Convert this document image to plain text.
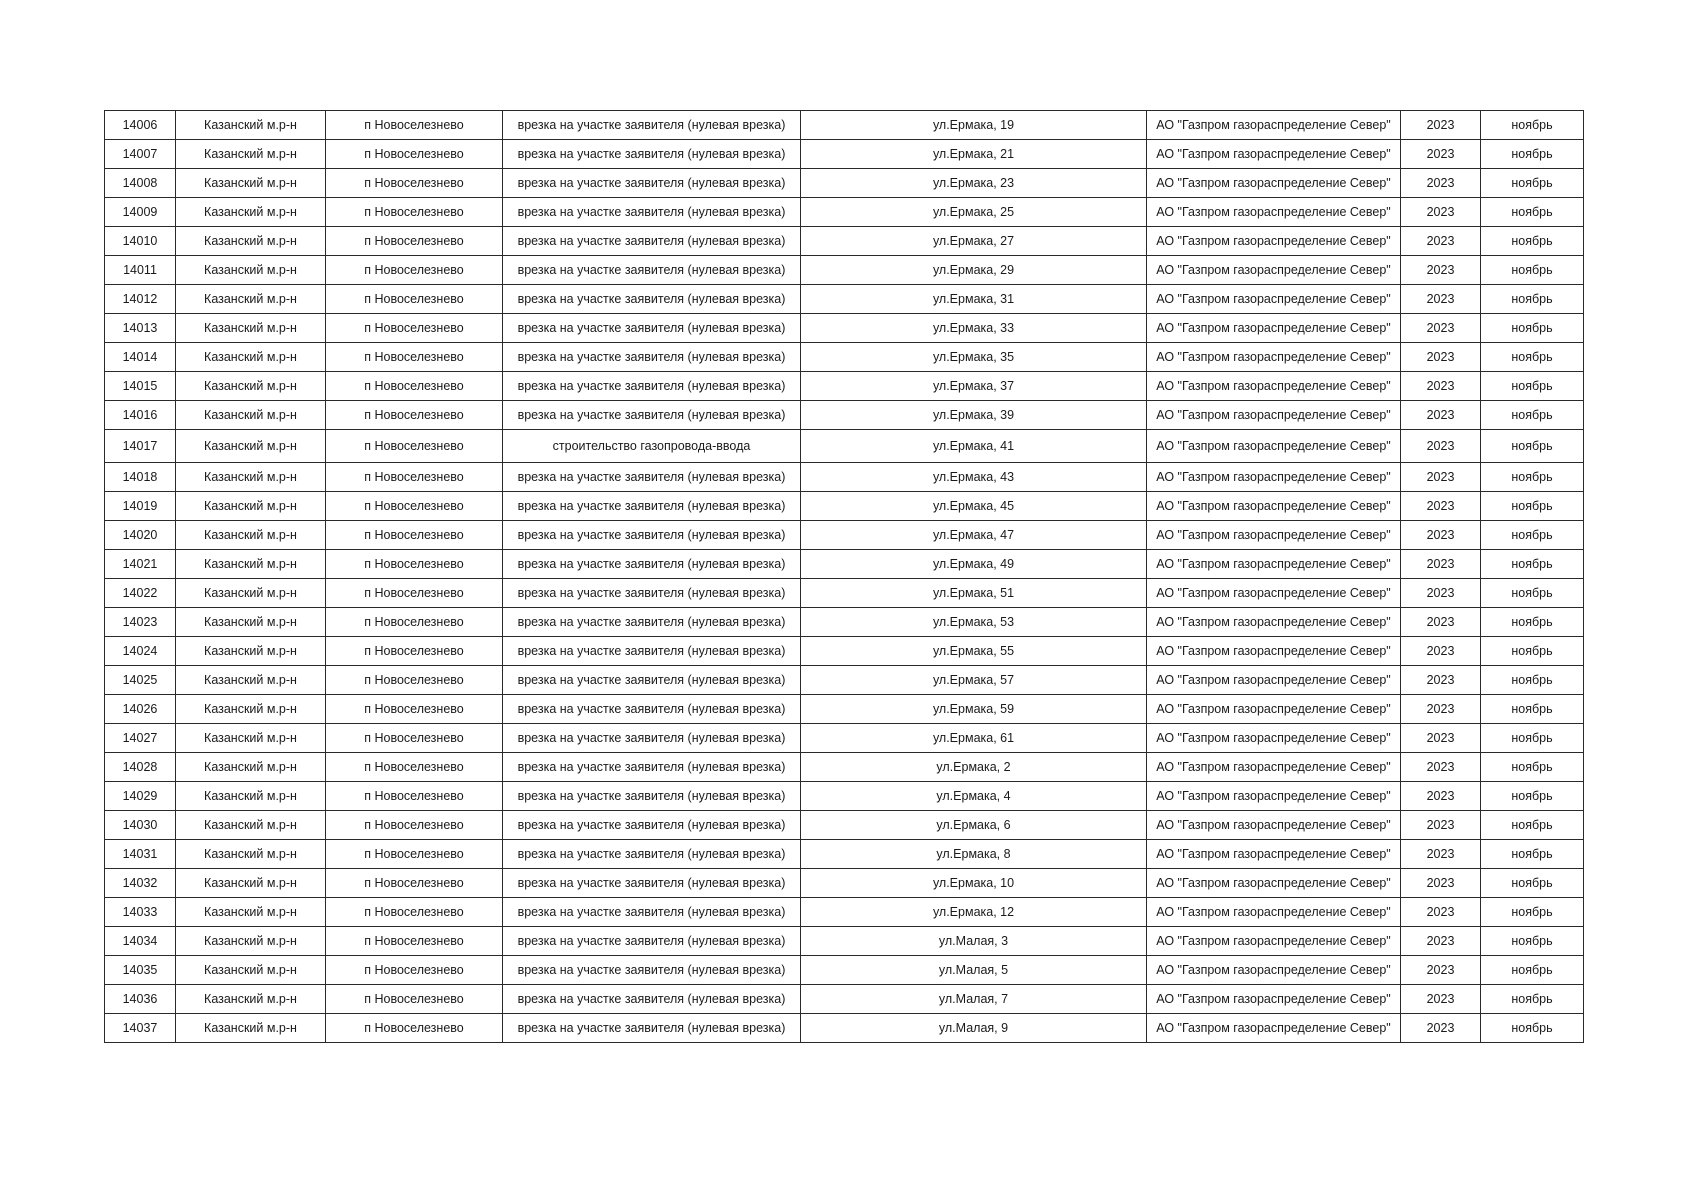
14006	Казанский м.р-н	п Новоселезнево	врезка на участке заявителя (нулевая врезка)	ул.Ермака, 19	АО "Газпром газораспределение Север"	2023	ноябрь
14007	Казанский м.р-н	п Новоселезнево	врезка на участке заявителя (нулевая врезка)	ул.Ермака, 21	АО "Газпром газораспределение Север"	2023	ноябрь
14008	Казанский м.р-н	п Новоселезнево	врезка на участке заявителя (нулевая врезка)	ул.Ермака, 23	АО "Газпром газораспределение Север"	2023	ноябрь
14009	Казанский м.р-н	п Новоселезнево	врезка на участке заявителя (нулевая врезка)	ул.Ермака, 25	АО "Газпром газораспределение Север"	2023	ноябрь
14010	Казанский м.р-н	п Новоселезнево	врезка на участке заявителя (нулевая врезка)	ул.Ермака, 27	АО "Газпром газораспределение Север"	2023	ноябрь
14011	Казанский м.р-н	п Новоселезнево	врезка на участке заявителя (нулевая врезка)	ул.Ермака, 29	АО "Газпром газораспределение Север"	2023	ноябрь
14012	Казанский м.р-н	п Новоселезнево	врезка на участке заявителя (нулевая врезка)	ул.Ермака, 31	АО "Газпром газораспределение Север"	2023	ноябрь
14013	Казанский м.р-н	п Новоселезнево	врезка на участке заявителя (нулевая врезка)	ул.Ермака, 33	АО "Газпром газораспределение Север"	2023	ноябрь
14014	Казанский м.р-н	п Новоселезнево	врезка на участке заявителя (нулевая врезка)	ул.Ермака, 35	АО "Газпром газораспределение Север"	2023	ноябрь
14015	Казанский м.р-н	п Новоселезнево	врезка на участке заявителя (нулевая врезка)	ул.Ермака, 37	АО "Газпром газораспределение Север"	2023	ноябрь
14016	Казанский м.р-н	п Новоселезнево	врезка на участке заявителя (нулевая врезка)	ул.Ермака, 39	АО "Газпром газораспределение Север"	2023	ноябрь
14017	Казанский м.р-н	п Новоселезнево	строительство газопровода-ввода	ул.Ермака, 41	АО "Газпром газораспределение Север"	2023	ноябрь
14018	Казанский м.р-н	п Новоселезнево	врезка на участке заявителя (нулевая врезка)	ул.Ермака, 43	АО "Газпром газораспределение Север"	2023	ноябрь
14019	Казанский м.р-н	п Новоселезнево	врезка на участке заявителя (нулевая врезка)	ул.Ермака, 45	АО "Газпром газораспределение Север"	2023	ноябрь
14020	Казанский м.р-н	п Новоселезнево	врезка на участке заявителя (нулевая врезка)	ул.Ермака, 47	АО "Газпром газораспределение Север"	2023	ноябрь
14021	Казанский м.р-н	п Новоселезнево	врезка на участке заявителя (нулевая врезка)	ул.Ермака, 49	АО "Газпром газораспределение Север"	2023	ноябрь
14022	Казанский м.р-н	п Новоселезнево	врезка на участке заявителя (нулевая врезка)	ул.Ермака, 51	АО "Газпром газораспределение Север"	2023	ноябрь
14023	Казанский м.р-н	п Новоселезнево	врезка на участке заявителя (нулевая врезка)	ул.Ермака, 53	АО "Газпром газораспределение Север"	2023	ноябрь
14024	Казанский м.р-н	п Новоселезнево	врезка на участке заявителя (нулевая врезка)	ул.Ермака, 55	АО "Газпром газораспределение Север"	2023	ноябрь
14025	Казанский м.р-н	п Новоселезнево	врезка на участке заявителя (нулевая врезка)	ул.Ермака, 57	АО "Газпром газораспределение Север"	2023	ноябрь
14026	Казанский м.р-н	п Новоселезнево	врезка на участке заявителя (нулевая врезка)	ул.Ермака, 59	АО "Газпром газораспределение Север"	2023	ноябрь
14027	Казанский м.р-н	п Новоселезнево	врезка на участке заявителя (нулевая врезка)	ул.Ермака, 61	АО "Газпром газораспределение Север"	2023	ноябрь
14028	Казанский м.р-н	п Новоселезнево	врезка на участке заявителя (нулевая врезка)	ул.Ермака, 2	АО "Газпром газораспределение Север"	2023	ноябрь
14029	Казанский м.р-н	п Новоселезнево	врезка на участке заявителя (нулевая врезка)	ул.Ермака, 4	АО "Газпром газораспределение Север"	2023	ноябрь
14030	Казанский м.р-н	п Новоселезнево	врезка на участке заявителя (нулевая врезка)	ул.Ермака, 6	АО "Газпром газораспределение Север"	2023	ноябрь
14031	Казанский м.р-н	п Новоселезнево	врезка на участке заявителя (нулевая врезка)	ул.Ермака, 8	АО "Газпром газораспределение Север"	2023	ноябрь
14032	Казанский м.р-н	п Новоселезнево	врезка на участке заявителя (нулевая врезка)	ул.Ермака, 10	АО "Газпром газораспределение Север"	2023	ноябрь
14033	Казанский м.р-н	п Новоселезнево	врезка на участке заявителя (нулевая врезка)	ул.Ермака, 12	АО "Газпром газораспределение Север"	2023	ноябрь
14034	Казанский м.р-н	п Новоселезнево	врезка на участке заявителя (нулевая врезка)	ул.Малая, 3	АО "Газпром газораспределение Север"	2023	ноябрь
14035	Казанский м.р-н	п Новоселезнево	врезка на участке заявителя (нулевая врезка)	ул.Малая, 5	АО "Газпром газораспределение Север"	2023	ноябрь
14036	Казанский м.р-н	п Новоселезнево	врезка на участке заявителя (нулевая врезка)	ул.Малая, 7	АО "Газпром газораспределение Север"	2023	ноябрь
14037	Казанский м.р-н	п Новоселезнево	врезка на участке заявителя (нулевая врезка)	ул.Малая, 9	АО "Газпром газораспределение Север"	2023	ноябрь
